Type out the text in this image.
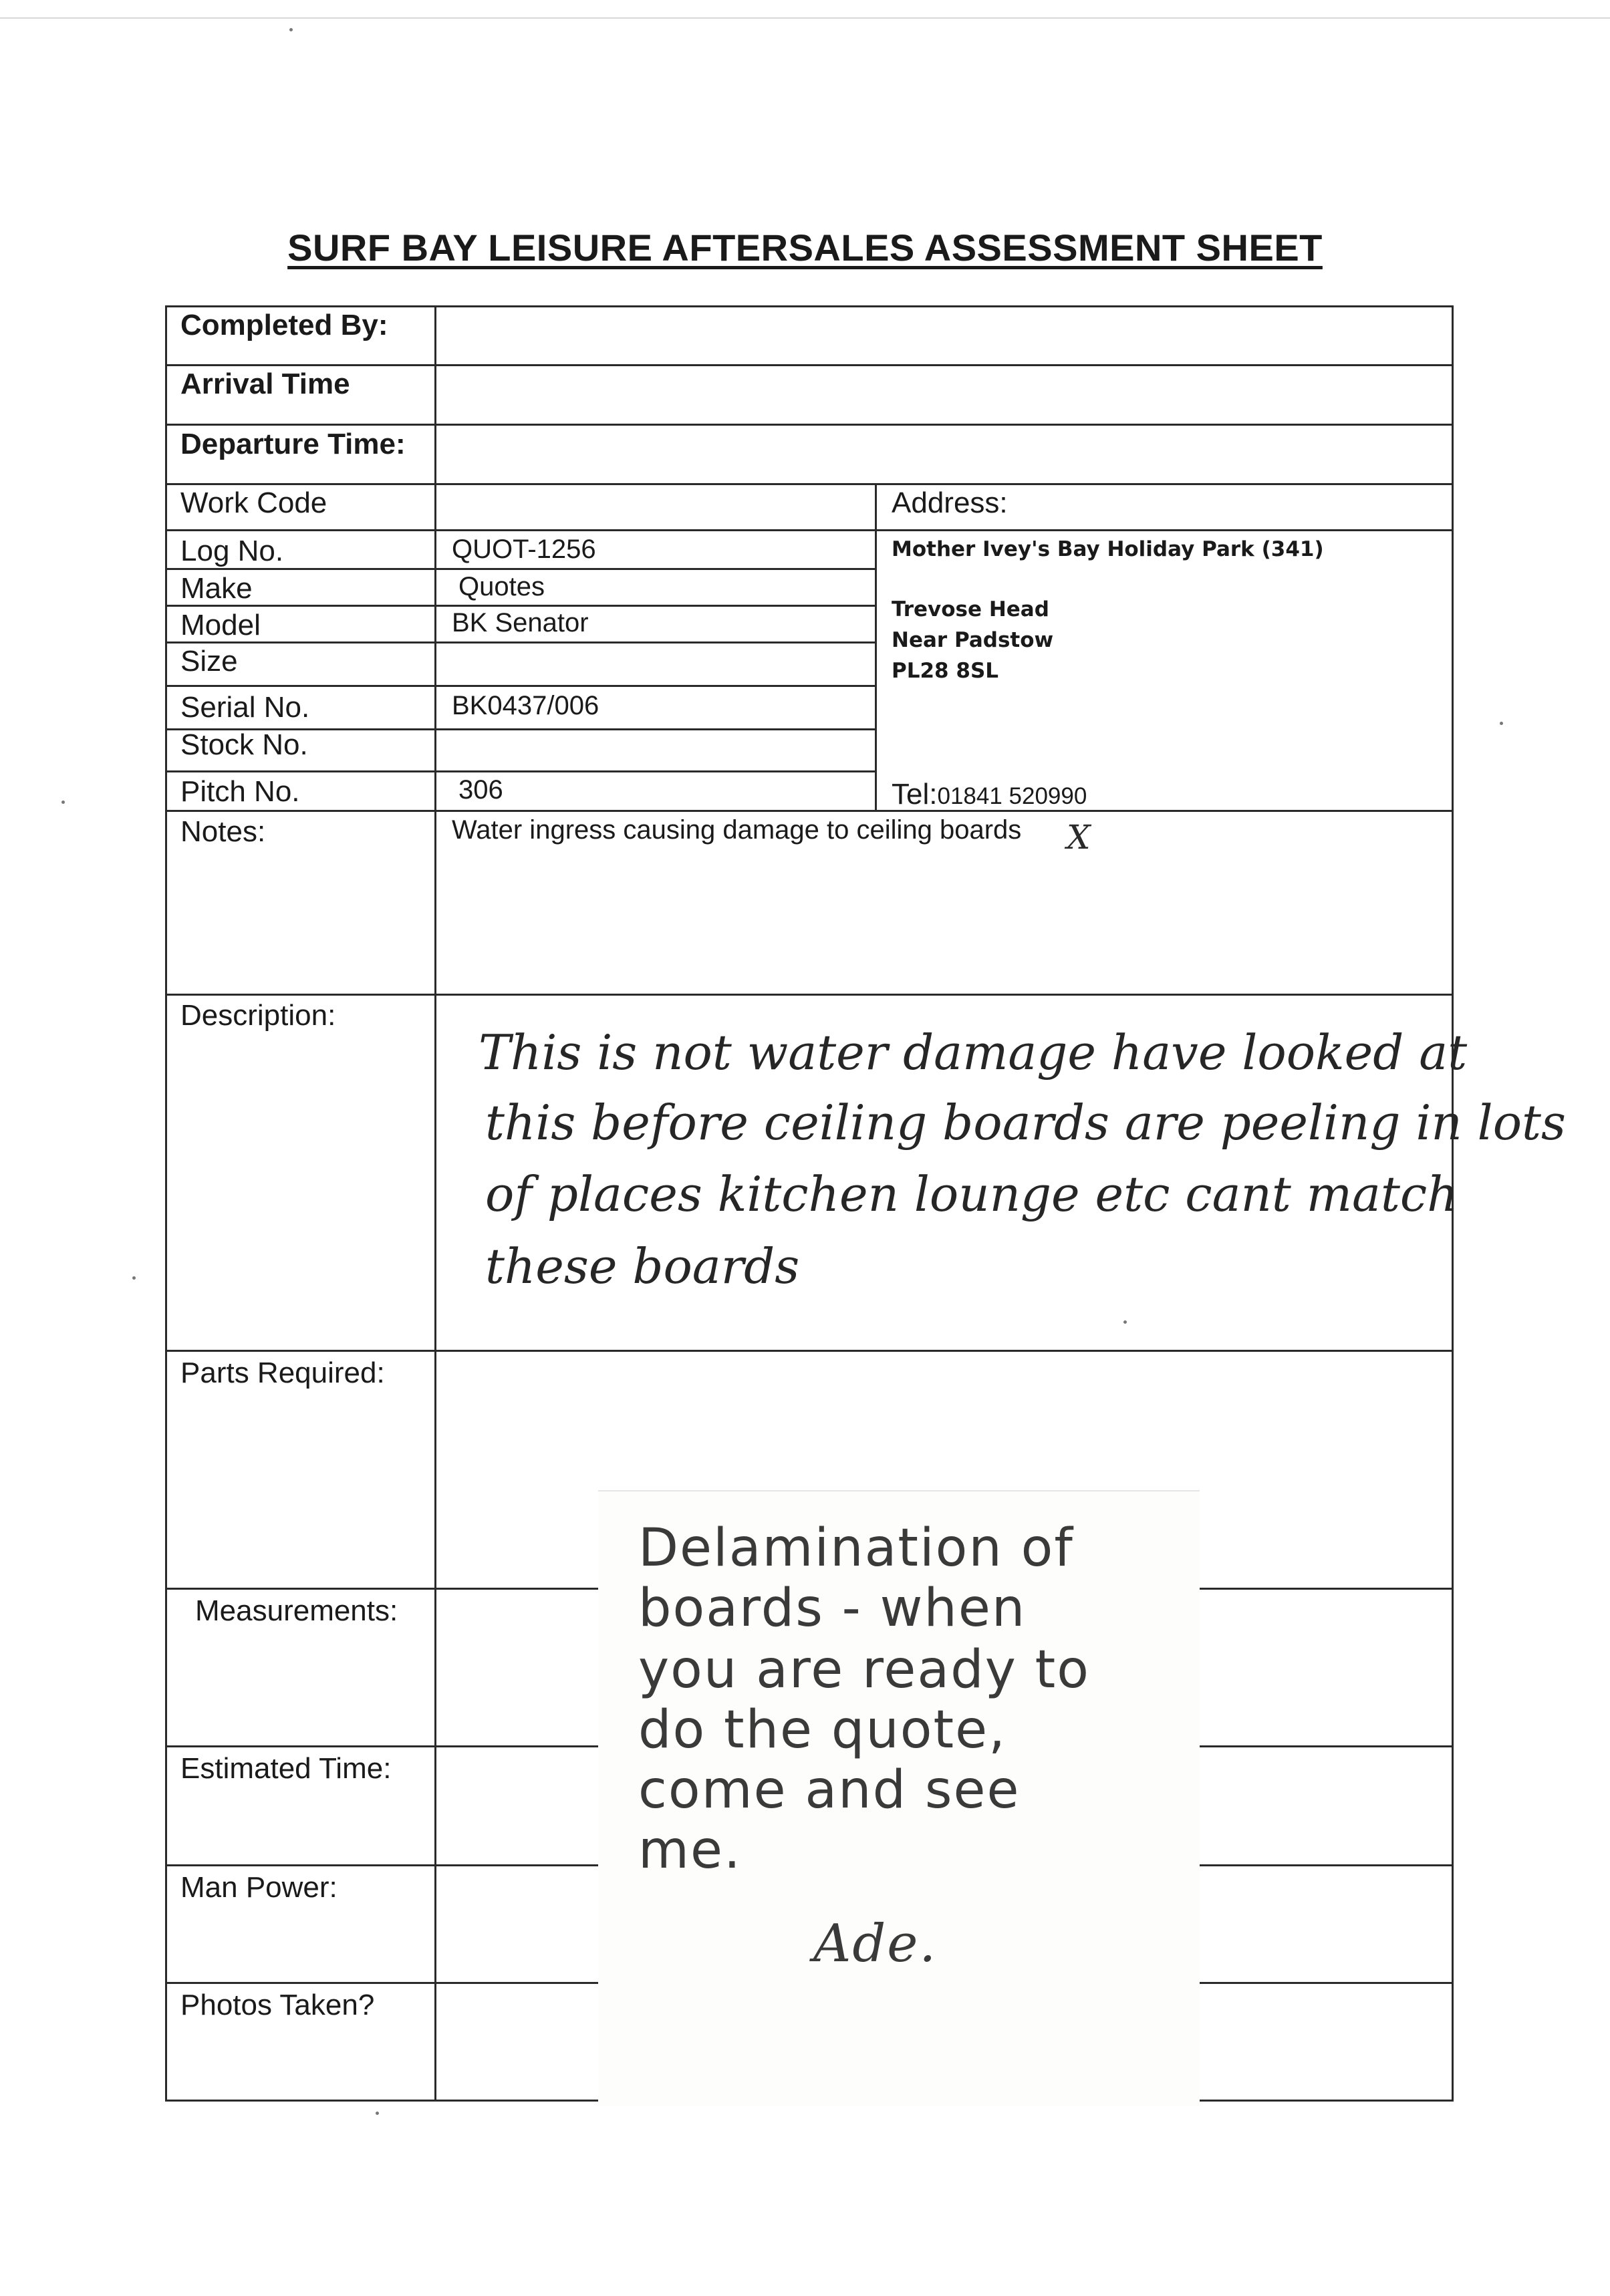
SURF BAY LEISURE AFTERSALES ASSESSMENT SHEET
Completed By:
Arrival Time
Departure Time:
Work Code
Log No.	QUOT-1256
Make	Quotes
Model	BK Senator
Size
Serial No.	BK0437/006
Stock No.
Pitch No.	306
Address:
Mother Ivey's Bay Holiday Park (341)
Trevose Head
Near Padstow
PL28 8SL
Tel:01841 520990
Notes:	Water ingress causing damage to ceiling boards X
Description:
This is not water damage have looked at
this before ceiling boards are peeling in lots
of places kitchen lounge etc cant match
these boards
Parts Required:
Measurements:
Estimated Time:
Man Power:
Photos Taken?
Delamination of
boards - when
you are ready to
do the quote,
come and see
me.
Ade.
